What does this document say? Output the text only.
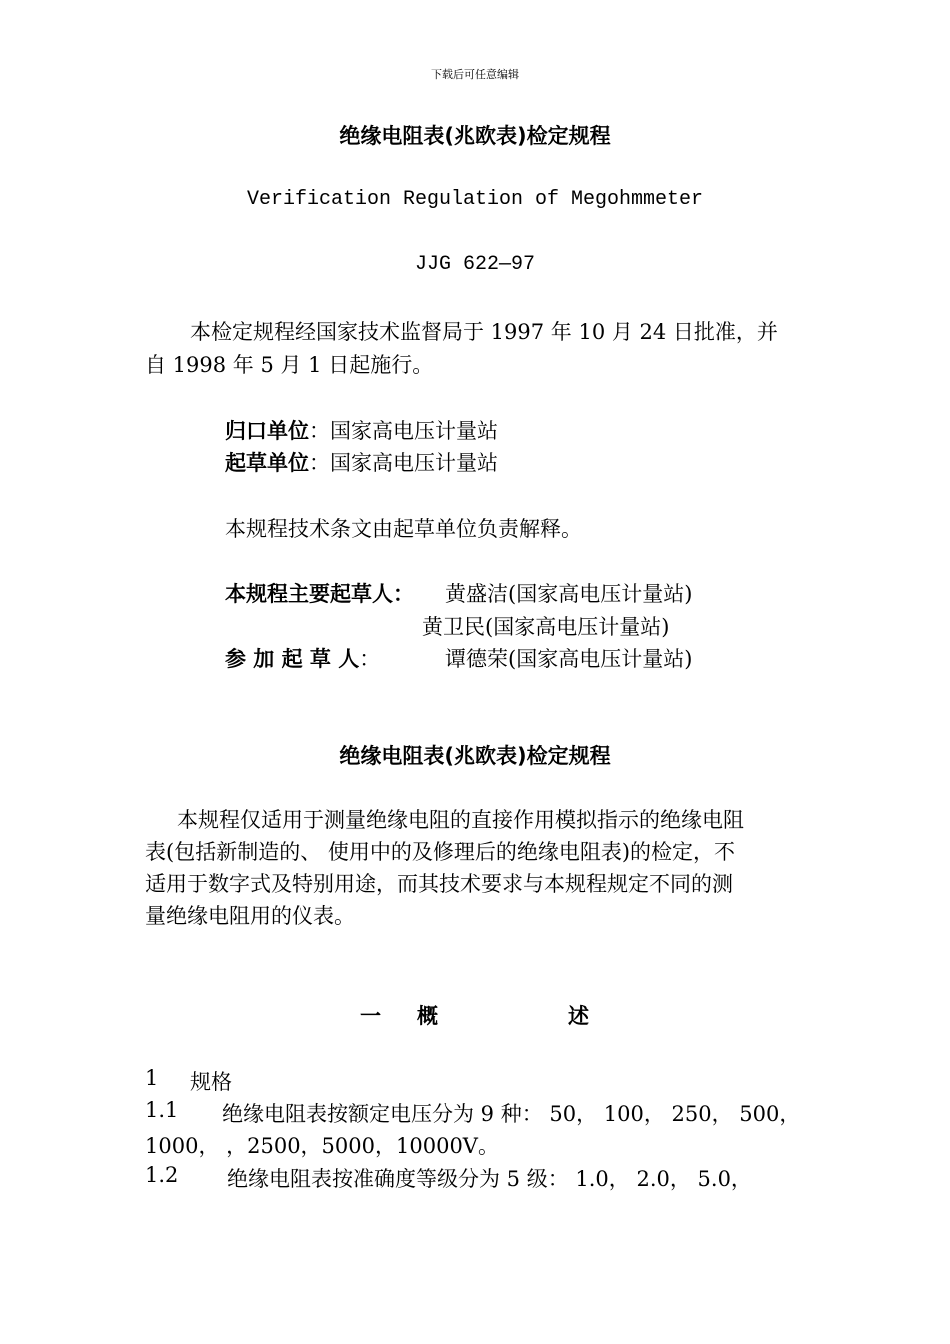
下载后可任意编辑
绝缘电阻表(兆欧表)检定规程
Verification Regulation of Megohmmeter
JJG 622—97
本检定规程经国家技术监督局于 1997 年 10 月 24 日批准，并
自 1998 年 5 月 1 日起施行。
归口单位：国家高电压计量站
起草单位：国家高电压计量站
本规程技术条文由起草单位负责解释。
本规程主要起草人： 黄盛洁(国家高电压计量站)
黄卫民(国家高电压计量站)
参 加 起 草 人：	谭德荣(国家高电压计量站)
绝缘电阻表(兆欧表)检定规程
本规程仅适用于测量绝缘电阻的直接作用模拟指示的绝缘电阻
表(包括新制造的、 使用中的及修理后的绝缘电阻表)的检定，不
适用于数字式及特别用途，而其技术要求与本规程规定不同的测
量绝缘电阻用的仪表。
一 概	述
1 规格
1.1 绝缘电阻表按额定电压分为 9 种： 50， 100， 250， 500，
1000， ，2500，5000，10000V。
1.2 绝缘电阻表按准确度等级分为 5 级： 1.0， 2.0， 5.0，
